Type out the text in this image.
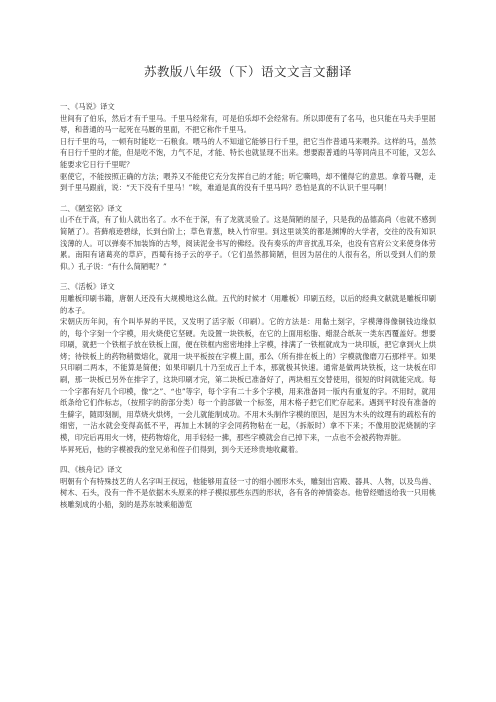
苏教版八年级（下）语文文言文翻译

一、《马说》译文

世间有了伯乐，然后才有千里马。千里马经常有，可是伯乐却不会经常有。所以即使有了名马，也只能在马夫手里屈辱，和普通的马一起死在马厩的里面，不把它称作千里马。

日行千里的马，一顿有时能吃一石粮食。喂马的人不知道它能够日行千里，把它当作普通马来喂养。这样的马，虽然有日行千里的才能，但是吃不饱，力气不足，才能、特长也就显现不出来。想要跟普通的马等同尚且不可能，又怎么能要求它日行千里呢？

驱使它，不能按照正确的方法；喂养又不能使它充分发挥自己的才能；听它嘶鸣，却不懂得它的意思。拿着马鞭，走到千里马跟前，说：“天下没有千里马！”唉，难道是真的没有千里马吗？恐怕是真的不认识千里马啊！

二、《陋室铭》译文

山不在于高，有了仙人就出名了。水不在于深，有了龙就灵验了。这是简陋的屋子，只是我的品德高尚（也就不感到简陋了）。苔藓痕迹碧绿，长到台阶上；草色青葱，映入竹帘里。到这里谈笑的都是渊博的大学者，交往的没有知识浅薄的人。可以弹奏不加装饰的古琴，阅读泥金书写的佛经。没有奏乐的声音扰乱耳朵，也没有官府公文来使身体劳累。南阳有诸葛亮的草庐，西蜀有扬子云的亭子。（它们虽然都简陋，但因为居住的人很有名，所以受到人们的景仰。）孔子说：“有什么简陋呢？”

三、《活板》译文

用雕板印刷书籍，唐朝人还没有大规模地这么做。五代的时候才（用雕板）印刷五经，以后的经典文献就是雕板印刷的本子。

宋朝庆历年间，有个叫毕昇的平民，又发明了活字版（印刷）。它的方法是：用黏土刻字，字模薄得像铜钱边缘似的，每个字刻一个字模，用火烧使它坚硬。先设置一块铁板，在它的上面用松脂、蜡混合纸灰一类东西覆盖好。想要印刷，就把一个铁框子放在铁板上面，便在铁框内密密地排上字模，排满了一铁框就成为一块印版，把它拿到火上烘烤；待铁板上的药物稍微熔化，就用一块平板按在字模上面，那么（所有排在板上的）字模就像磨刀石那样平。如果只印刷二两本，不能算是简便；如果印刷几十乃至成百上千本，那就极其快速。通常是做两块铁板，这一块板在印刷，那一块板已另外在排字了，这块印刷才完，第二块板已准备好了，两块相互交替使用，很短的时间就能完成。每一个字都有好几个印模，像“之”、“也”等字，每个字有二十多个字模，用来准备同一版内有重复的字。不用时，就用纸条给它们作标志，（按照字的韵部分类）每一个韵部做一个标签，用木格子把它们贮存起来。遇到平时没有准备的生僻字，随即刻制，用草烧火烘烤，一会儿就能制成功。不用木头制作字模的原因，是因为木头的纹理有的疏松有的细密，一沾水就会变得高低不平，再加上木制的字会同药物粘在一起，（拆版时）拿不下来；不像用胶泥烧制的字模，印完后再用火一烤，使药物熔化，用手轻轻一拂，那些字模就会自己掉下来，一点也不会被药物弄脏。

毕昇死后，他的字模被我的堂兄弟和侄子们得到，到今天还珍贵地收藏着。

四、《核舟记》译文

明朝有个有特殊技艺的人名字叫王叔远，他能够用直径一寸的细小圆形木头，雕刻出宫殿、器具、人物，以及鸟兽、树木、石头，没有一件不是依据木头原来的样子模拟那些东西的形状，各有各的神情姿态。他曾经赠送给我一只用桃核雕刻成的小船，刻的是苏东坡乘船游览
